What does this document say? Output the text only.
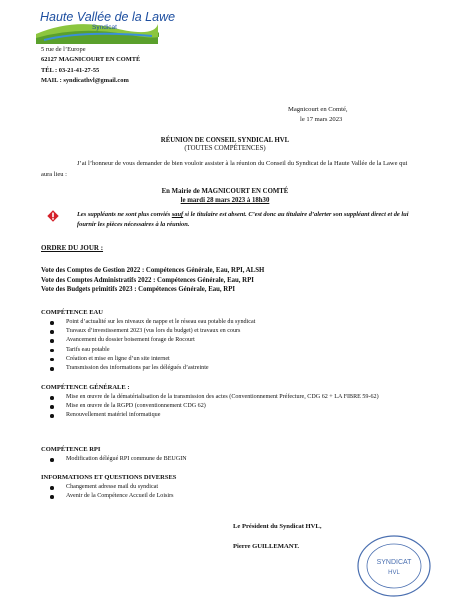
Haute Vallée de la Lawe
Syndicat
5 rue de l’Europe
62127 MAGNICOURT EN COMTÉ
TÉL : 03-21-41-27-55
MAIL : syndicathvl@gmail.com
Magnicourt en Comté,
le 17 mars 2023
RÉUNION DE CONSEIL SYNDICAL HVL
(TOUTES COMPÉTENCES)
J’ai l’honneur de vous demander de bien vouloir assister à la réunion du Conseil du Syndicat de la Haute Vallée de la Lawe qui aura lieu :
En Mairie de MAGNICOURT EN COMTÉ
le mardi 28 mars 2023 à 18h30
Les suppléants ne sont plus conviés sauf si le titulaire est absent. C’est donc au titulaire d’alerter son suppléant direct et de lui fournir les pièces nécessaires à la réunion.
ORDRE DU JOUR :
Vote des Comptes de Gestion 2022 : Compétences Générale, Eau, RPI, ALSH
Vote des Comptes Administratifs 2022 : Compétences Générale, Eau, RPI
Vote des Budgets primitifs 2023 : Compétences Générale, Eau, RPI
COMPÉTENCE EAU
Point d’actualité sur les niveaux de nappe et le réseau eau potable du syndicat
Travaux d’investissement 2023 (vus lors du budget) et travaux en cours
Avancement du dossier boisement forage de Rocourt
Tarifs eau potable
Création et mise en ligne d’un site internet
Transmission des informations par les délégués d’astreinte
COMPÉTENCE GÉNÉRALE :
Mise en œuvre de la dématérialisation de la transmission des actes (Conventionnement Préfecture, CDG 62 + LA FIBRE 59-62)
Mise en œuvre de la RGPD (conventionnement CDG 62)
Renouvellement matériel informatique
COMPÉTENCE RPI
Modification délégué RPI commune de BEUGIN
INFORMATIONS ET QUESTIONS DIVERSES
Changement adresse mail du syndicat
Avenir de la Compétence Accueil de Loisirs
Le Président du Syndicat HVL,
Pierre GUILLEMANT.
SYNDICAT
HVL
